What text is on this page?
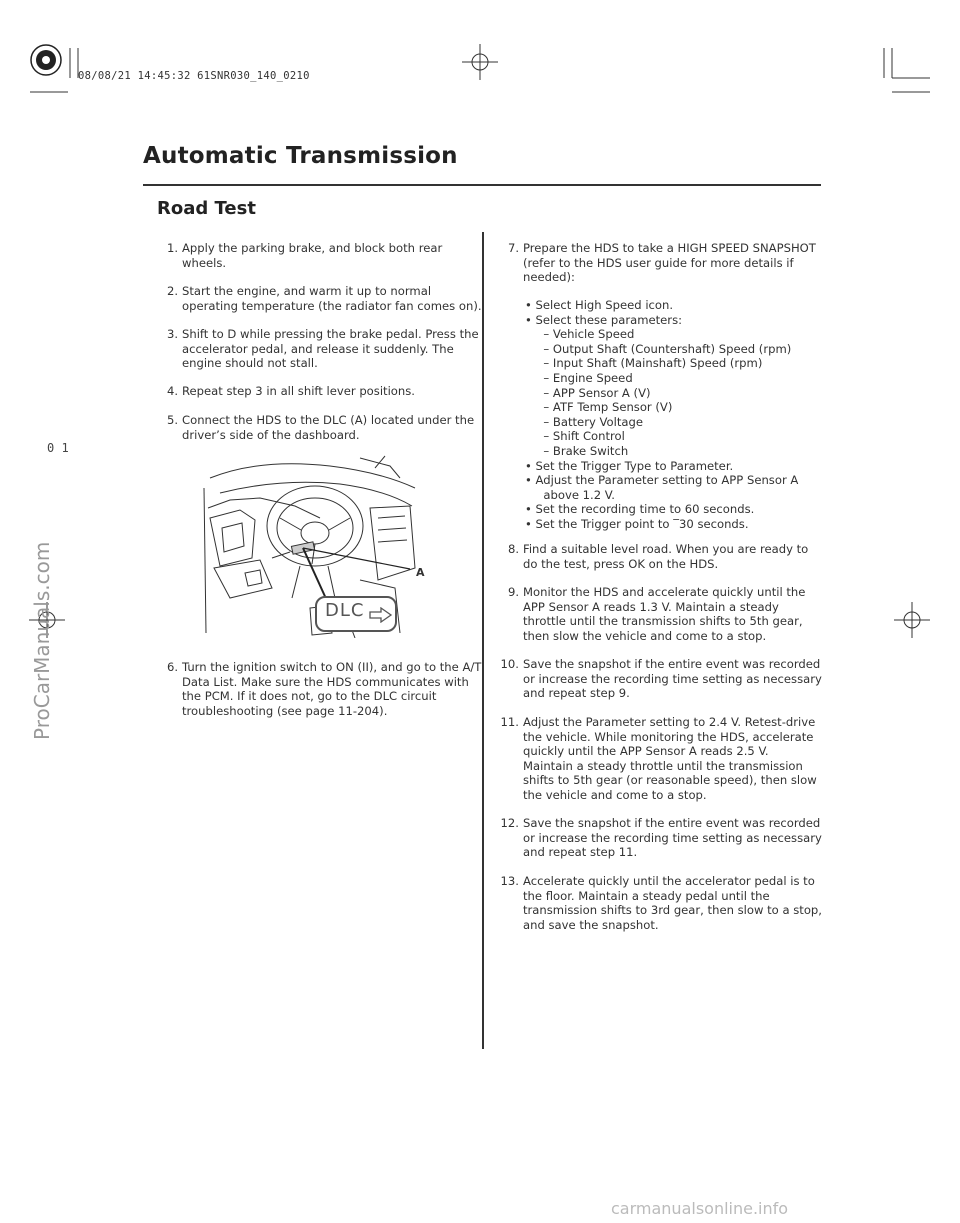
08/08/21 14:45:32 61SNR030_140_0210
ProCarManuals.com
0 1
Automatic Transmission
Road Test
1. Apply the parking brake, and block both rear
wheels.
2. Start the engine, and warm it up to normal
operating temperature (the radiator fan comes on).
3. Shift to D while pressing the brake pedal. Press the
accelerator pedal, and release it suddenly. The
engine should not stall.
4. Repeat step 3 in all shift lever positions.
5. Connect the HDS to the DLC (A) located under the
driver’s side of the dashboard.
A
DLC
6. Turn the ignition switch to ON (II), and go to the A/T
Data List. Make sure the HDS communicates with
the PCM. If it does not, go to the DLC circuit
troubleshooting (see page 11-204).
7. Prepare the HDS to take a HIGH SPEED SNAPSHOT
(refer to the HDS user guide for more details if
needed):
• Select High Speed icon.
• Select these parameters:
– Vehicle Speed
– Output Shaft (Countershaft) Speed (rpm)
– Input Shaft (Mainshaft) Speed (rpm)
– Engine Speed
– APP Sensor A (V)
– ATF Temp Sensor (V)
– Battery Voltage
– Shift Control
– Brake Switch
• Set the Trigger Type to Parameter.
• Adjust the Parameter setting to APP Sensor A
above 1.2 V.
• Set the recording time to 60 seconds.
• Set the Trigger point to ‾30 seconds.
8. Find a suitable level road. When you are ready to
do the test, press OK on the HDS.
9. Monitor the HDS and accelerate quickly until the
APP Sensor A reads 1.3 V. Maintain a steady
throttle until the transmission shifts to 5th gear,
then slow the vehicle and come to a stop.
10. Save the snapshot if the entire event was recorded
or increase the recording time setting as necessary
and repeat step 9.
11. Adjust the Parameter setting to 2.4 V. Retest-drive
the vehicle. While monitoring the HDS, accelerate
quickly until the APP Sensor A reads 2.5 V.
Maintain a steady throttle until the transmission
shifts to 5th gear (or reasonable speed), then slow
the vehicle and come to a stop.
12. Save the snapshot if the entire event was recorded
or increase the recording time setting as necessary
and repeat step 11.
13. Accelerate quickly until the accelerator pedal is to
the floor. Maintain a steady pedal until the
transmission shifts to 3rd gear, then slow to a stop,
and save the snapshot.
carmanualsonline.info
